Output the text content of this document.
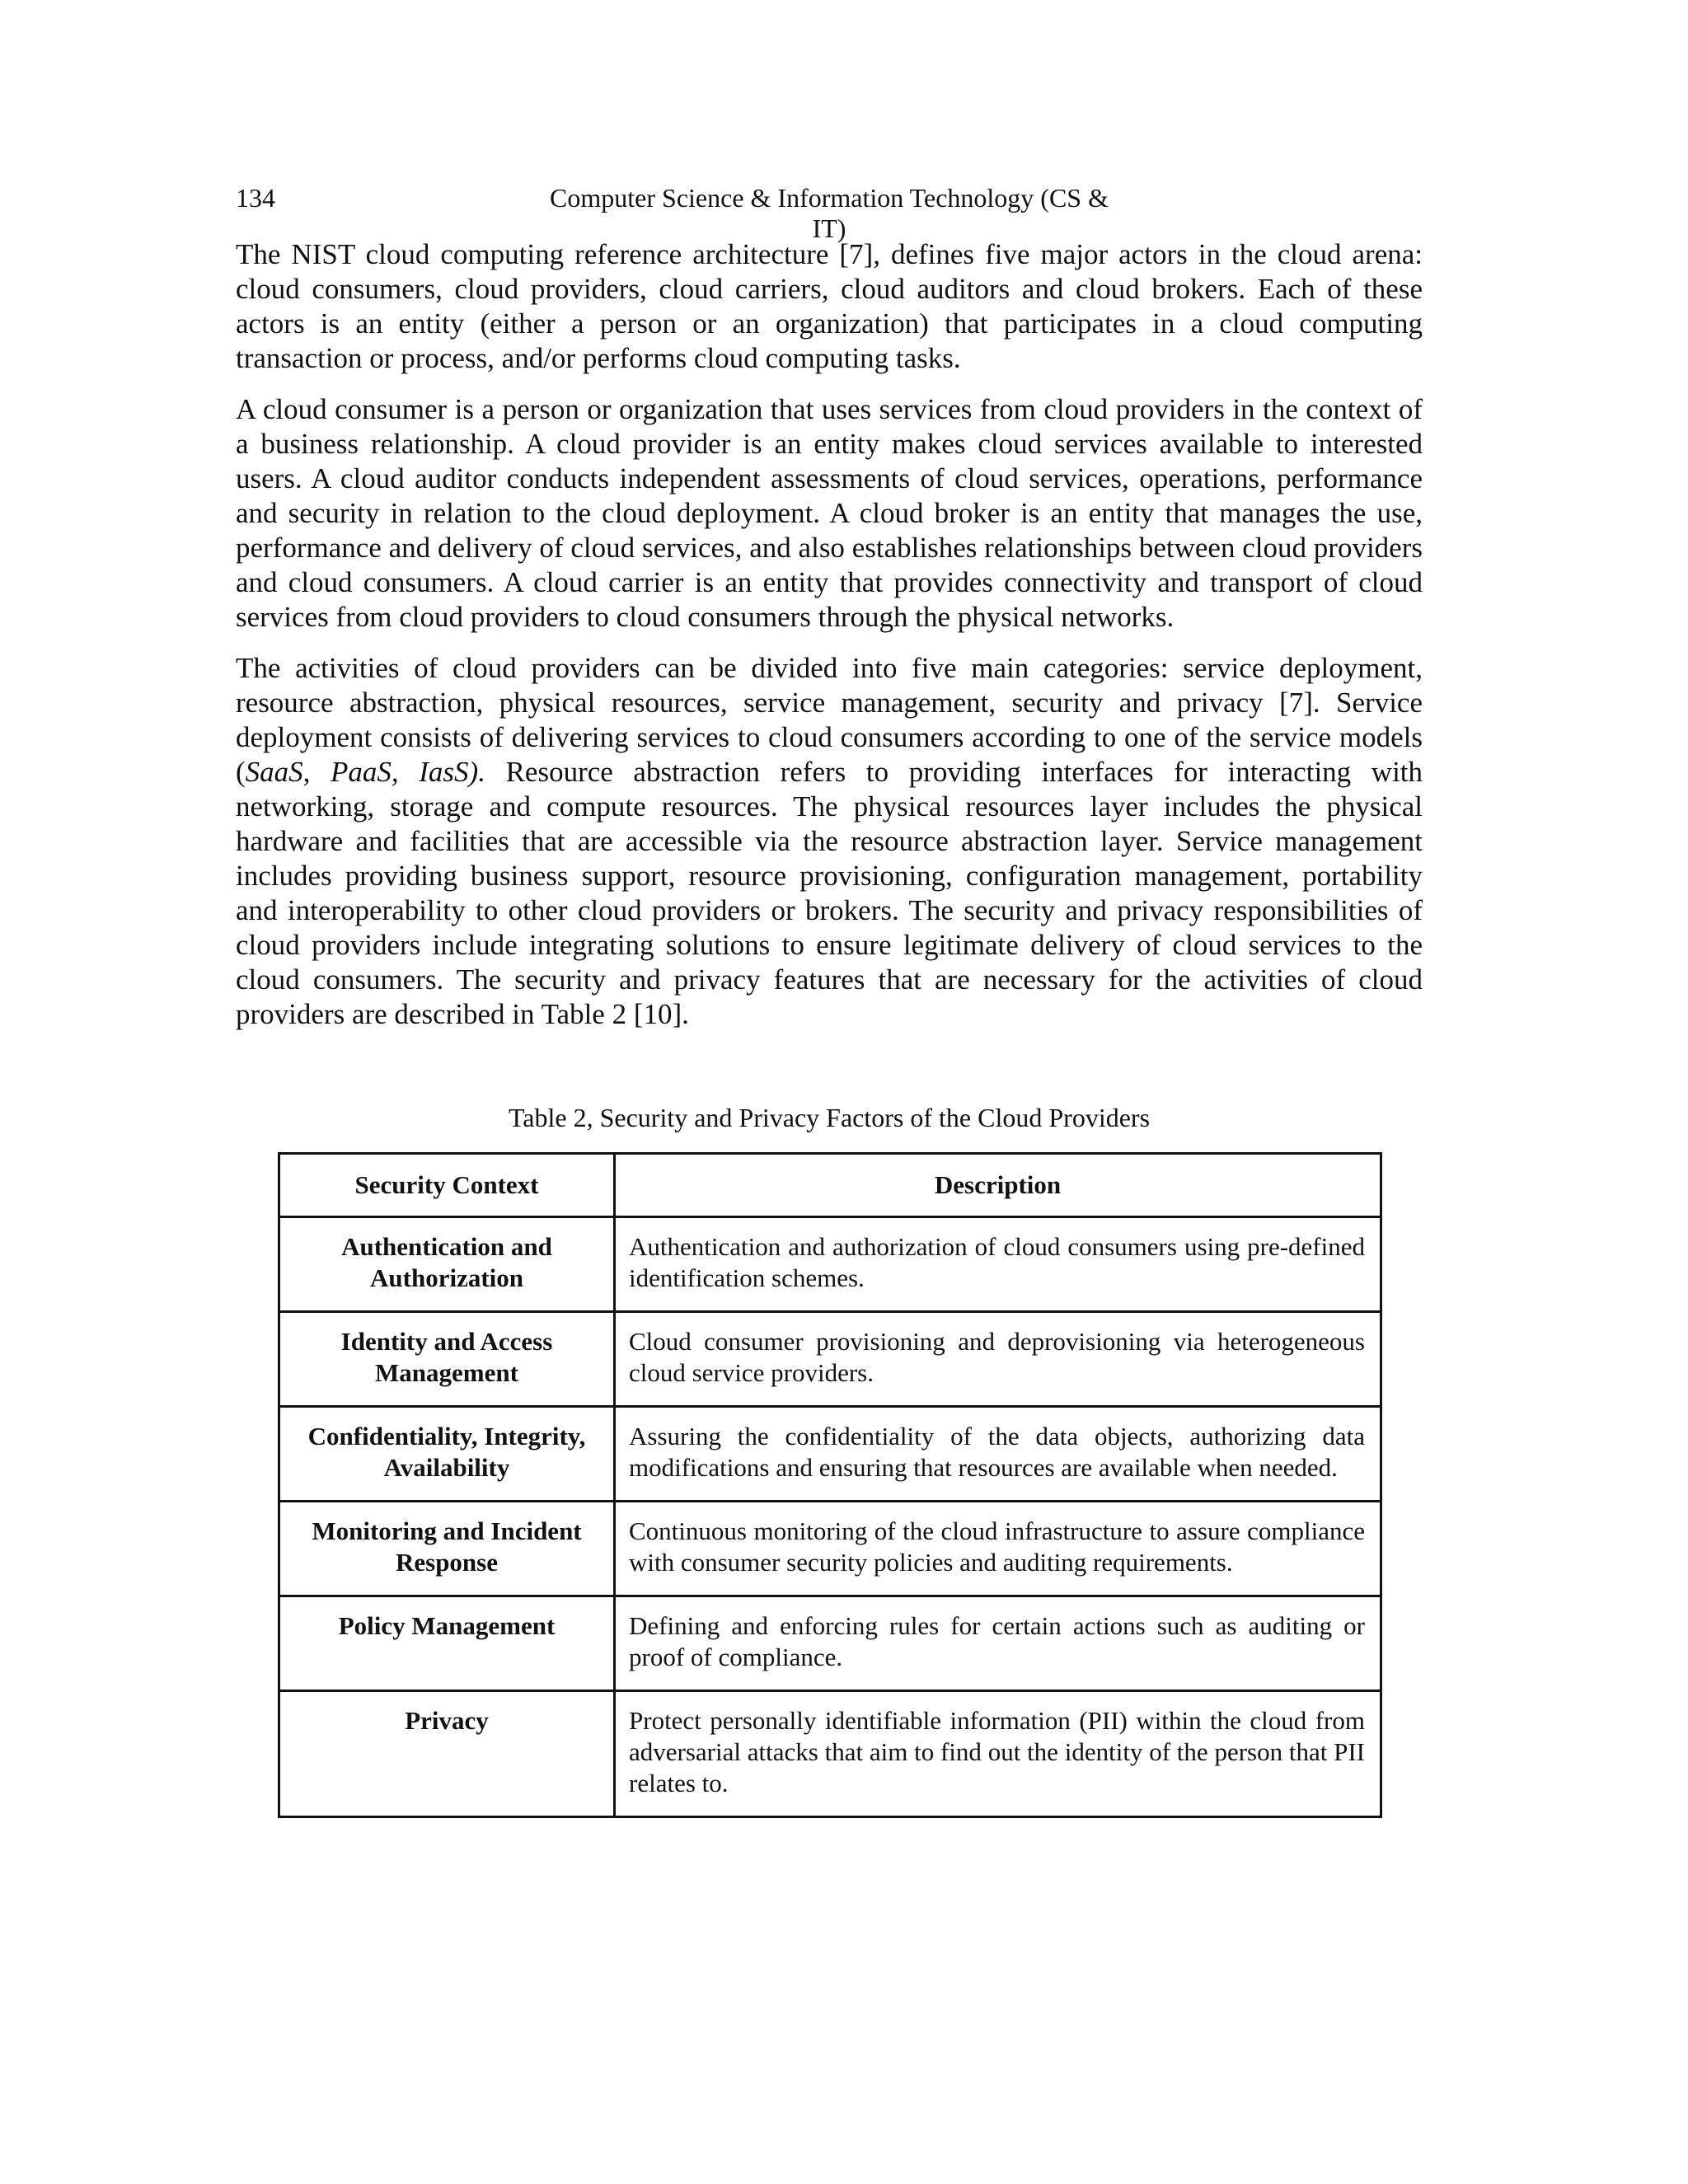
134	Computer Science & Information Technology (CS & IT)

The NIST cloud computing reference architecture [7], defines five major actors in the cloud arena: cloud consumers, cloud providers, cloud carriers, cloud auditors and cloud brokers. Each of these actors is an entity (either a person or an organization) that participates in a cloud computing transaction or process, and/or performs cloud computing tasks.

A cloud consumer is a person or organization that uses services from cloud providers in the context of a business relationship. A cloud provider is an entity makes cloud services available to interested users. A cloud auditor conducts independent assessments of cloud services, operations, performance and security in relation to the cloud deployment. A cloud broker is an entity that manages the use, performance and delivery of cloud services, and also establishes relationships between cloud providers and cloud consumers. A cloud carrier is an entity that provides connectivity and transport of cloud services from cloud providers to cloud consumers through the physical networks.

The activities of cloud providers can be divided into five main categories: service deployment, resource abstraction, physical resources, service management, security and privacy [7]. Service deployment consists of delivering services to cloud consumers according to one of the service models (SaaS, PaaS, IasS). Resource abstraction refers to providing interfaces for interacting with networking, storage and compute resources. The physical resources layer includes the physical hardware and facilities that are accessible via the resource abstraction layer. Service management includes providing business support, resource provisioning, configuration management, portability and interoperability to other cloud providers or brokers. The security and privacy responsibilities of cloud providers include integrating solutions to ensure legitimate delivery of cloud services to the cloud consumers. The security and privacy features that are necessary for the activities of cloud providers are described in Table 2 [10].

Table 2, Security and Privacy Factors of the Cloud Providers
Security Context	Description
Authentication and Authorization	Authentication and authorization of cloud consumers using pre-defined identification schemes.
Identity and Access Management	Cloud consumer provisioning and deprovisioning via heterogeneous cloud service providers.
Confidentiality, Integrity, Availability	Assuring the confidentiality of the data objects, authorizing data modifications and ensuring that resources are available when needed.
Monitoring and Incident Response	Continuous monitoring of the cloud infrastructure to assure compliance with consumer security policies and auditing requirements.
Policy Management	Defining and enforcing rules for certain actions such as auditing or proof of compliance.
Privacy	Protect personally identifiable information (PII) within the cloud from adversarial attacks that aim to find out the identity of the person that PII relates to.
